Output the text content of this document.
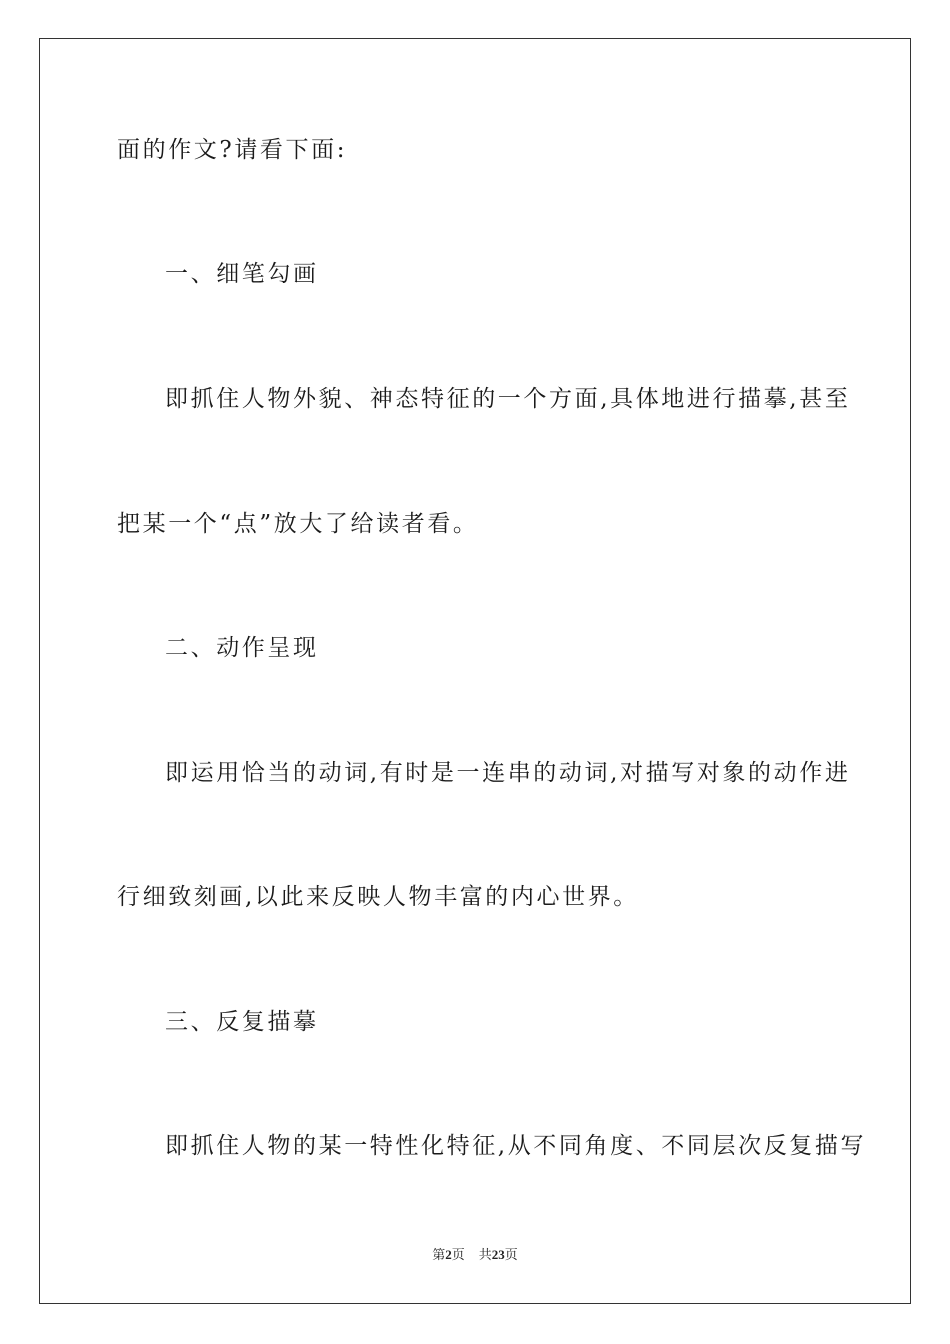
面的作文?请看下面:
一、细笔勾画
即抓住人物外貌、神态特征的一个方面,具体地进行描摹,甚至
把某一个“点”放大了给读者看。
二、动作呈现
即运用恰当的动词,有时是一连串的动词,对描写对象的动作进
行细致刻画,以此来反映人物丰富的内心世界。
三、反复描摹
即抓住人物的某一特性化特征,从不同角度、不同层次反复描写
第2页 共23页
